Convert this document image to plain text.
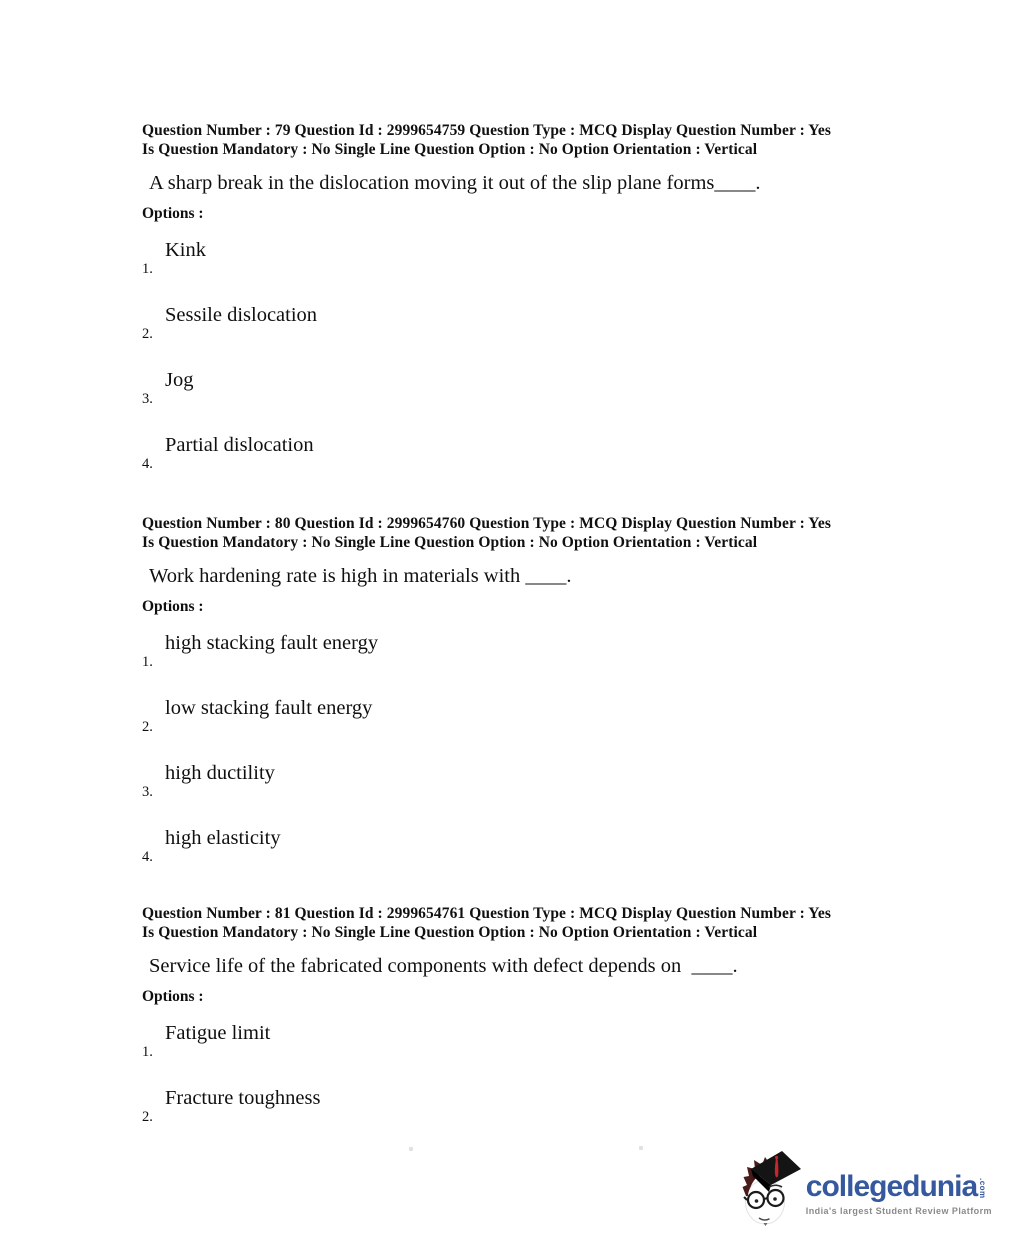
Question Number : 79 Question Id : 2999654759 Question Type : MCQ Display Question Number : Yes

Is Question Mandatory : No Single Line Question Option : No Option Orientation : Vertical

A sharp break in the dislocation moving it out of the slip plane forms____.

Options :

1.
Kink
2.
Sessile dislocation
3.
Jog
4.
Partial dislocation

Question Number : 80 Question Id : 2999654760 Question Type : MCQ Display Question Number : Yes

Is Question Mandatory : No Single Line Question Option : No Option Orientation : Vertical

Work hardening rate is high in materials with ____.

Options :

1.
high stacking fault energy
2.
low stacking fault energy
3.
high ductility
4.
high elasticity

Question Number : 81 Question Id : 2999654761 Question Type : MCQ Display Question Number : Yes

Is Question Mandatory : No Single Line Question Option : No Option Orientation : Vertical

Service life of the fabricated components with defect depends on  ____.

Options :

1.
Fatigue limit
2.
Fracture toughness
collegedunia .com
India's largest Student Review Platform
